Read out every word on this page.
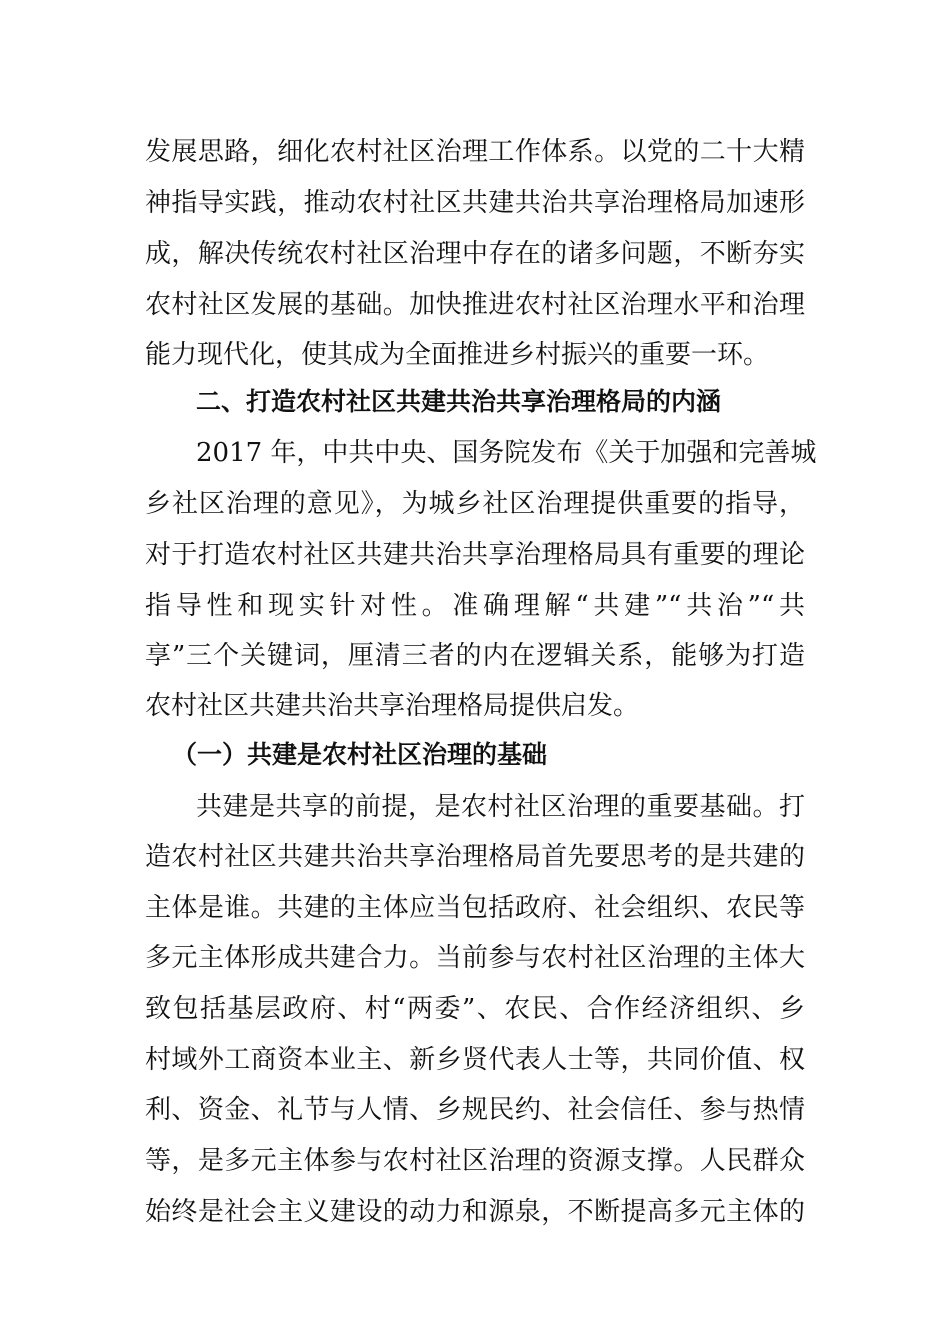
发展思路，细化农村社区治理工作体系。以党的二十大精
神指导实践，推动农村社区共建共治共享治理格局加速形
成，解决传统农村社区治理中存在的诸多问题，不断夯实
农村社区发展的基础。加快推进农村社区治理水平和治理
能力现代化，使其成为全面推进乡村振兴的重要一环。
二、打造农村社区共建共治共享治理格局的内涵
2017 年，中共中央、国务院发布《关于加强和完善城
乡社区治理的意见》，为城乡社区治理提供重要的指导，
对于打造农村社区共建共治共享治理格局具有重要的理论
指导性和现实针对性。准确理解“共建”“共治”“共
享”三个关键词，厘清三者的内在逻辑关系，能够为打造
农村社区共建共治共享治理格局提供启发。
（一）共建是农村社区治理的基础
共建是共享的前提，是农村社区治理的重要基础。打
造农村社区共建共治共享治理格局首先要思考的是共建的
主体是谁。共建的主体应当包括政府、社会组织、农民等
多元主体形成共建合力。当前参与农村社区治理的主体大
致包括基层政府、村“两委”、农民、合作经济组织、乡
村域外工商资本业主、新乡贤代表人士等，共同价值、权
利、资金、礼节与人情、乡规民约、社会信任、参与热情
等，是多元主体参与农村社区治理的资源支撑。人民群众
始终是社会主义建设的动力和源泉，不断提高多元主体的
